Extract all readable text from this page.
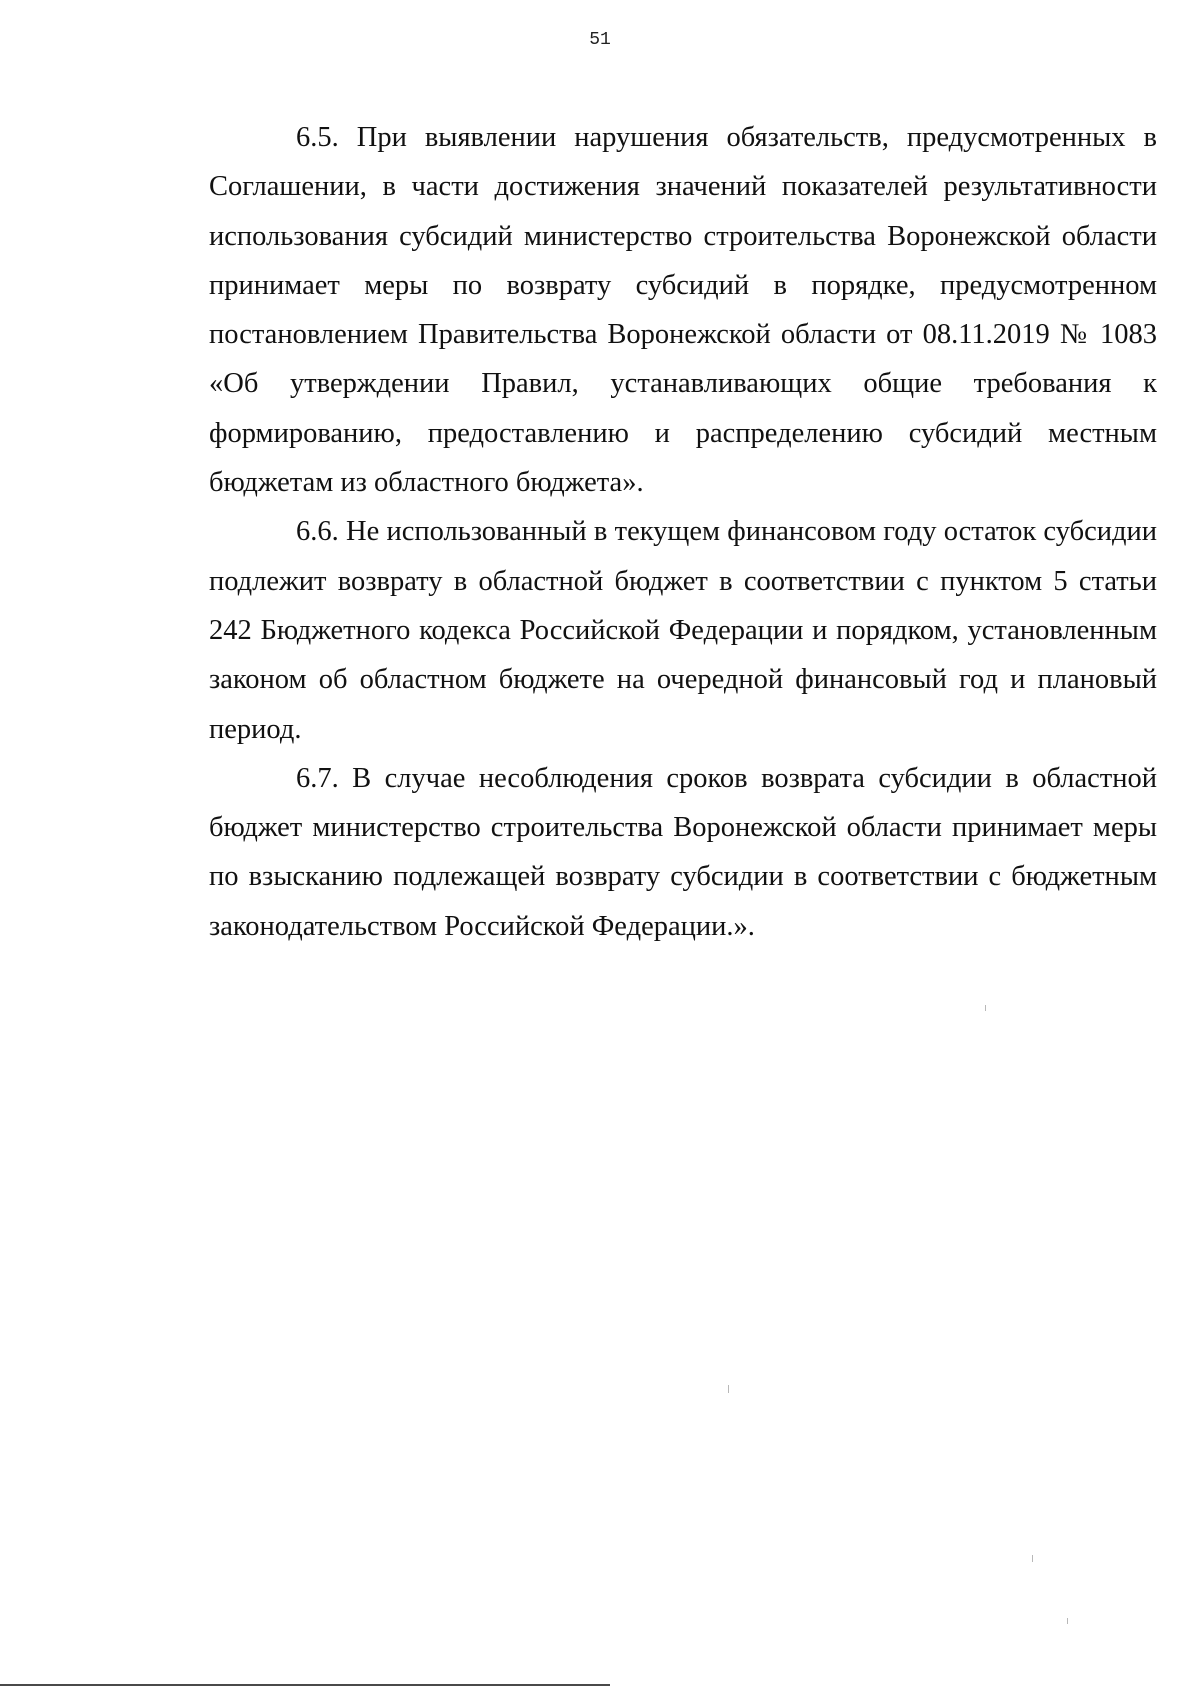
51
6.5. При выявлении нарушения обязательств, предусмотренных в
Соглашении, в части достижения значений показателей результативности
использования субсидий министерство строительства Воронежской области
принимает меры по возврату субсидий в порядке, предусмотренном
постановлением Правительства Воронежской области от 08.11.2019 № 1083
«Об утверждении Правил, устанавливающих общие требования к
формированию, предоставлению и распределению субсидий местным
бюджетам из областного бюджета».
6.6. Не использованный в текущем финансовом году остаток субсидии
подлежит возврату в областной бюджет в соответствии с пунктом 5 статьи
242 Бюджетного кодекса Российской Федерации и порядком, установленным
законом об областном бюджете на очередной финансовый год и плановый
период.
6.7. В случае несоблюдения сроков возврата субсидии в областной
бюджет министерство строительства Воронежской области принимает меры
по взысканию подлежащей возврату субсидии в соответствии с бюджетным
законодательством Российской Федерации.».
